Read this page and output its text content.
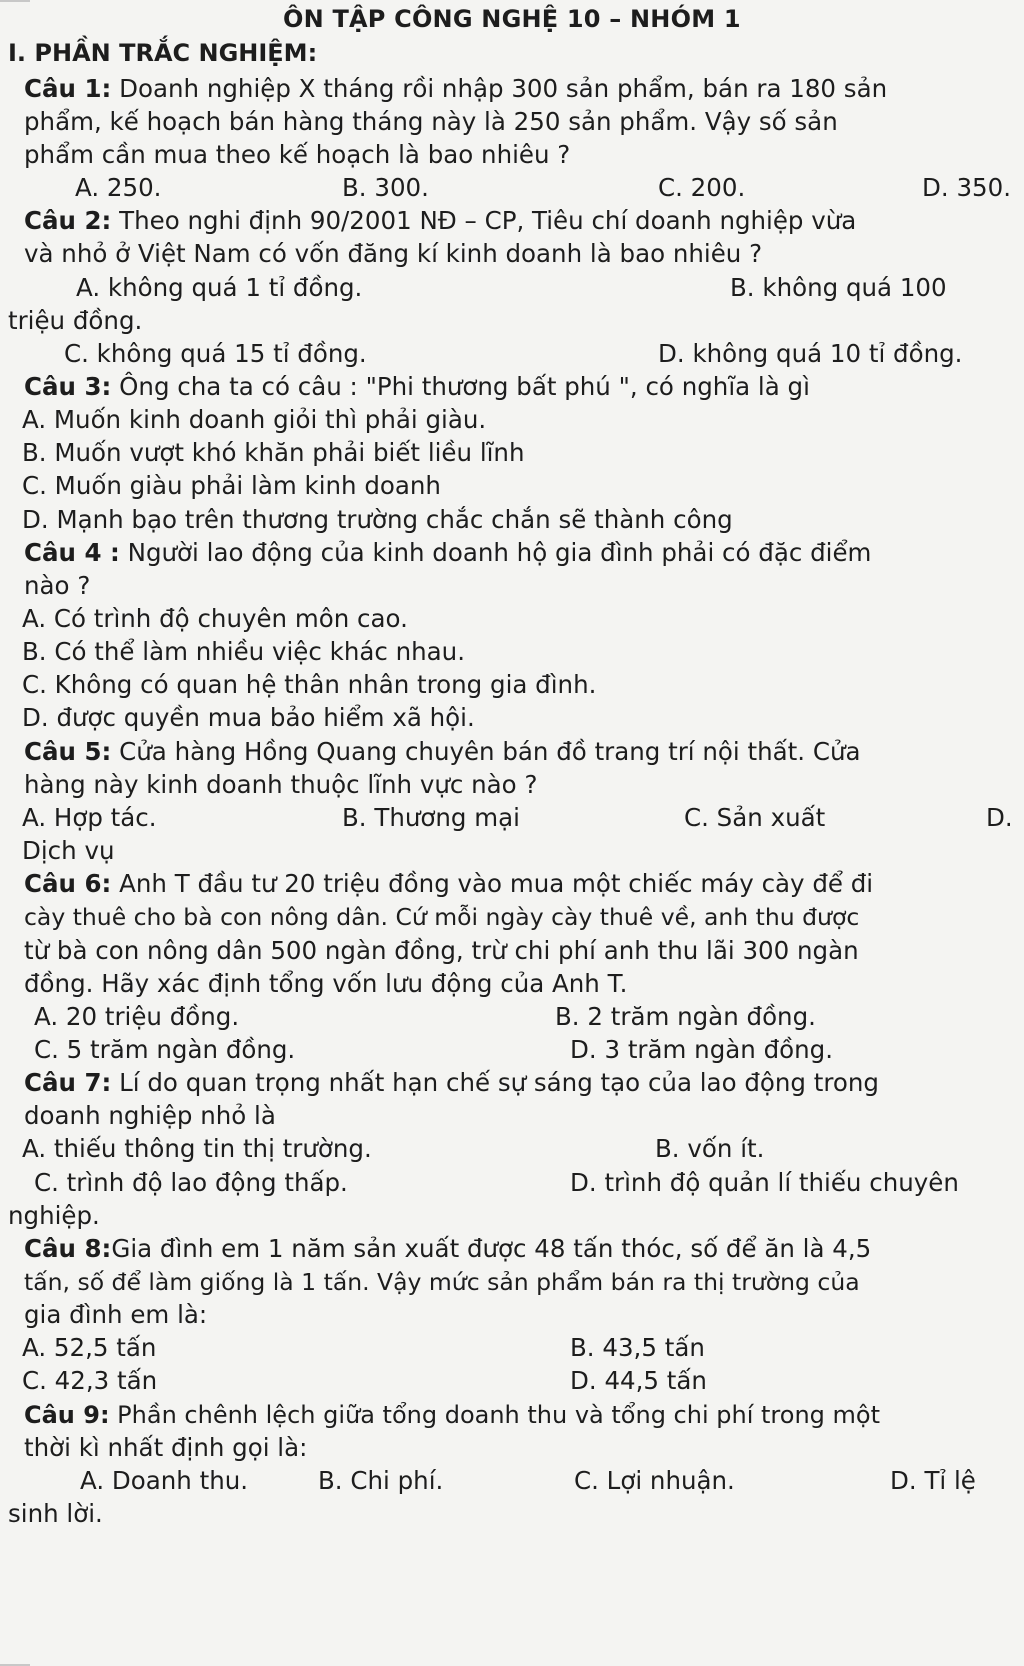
ÔN TẬP CÔNG NGHỆ 10 – NHÓM 1
I. PHẦN TRẮC NGHIỆM:
Câu 1: Doanh nghiệp X tháng rồi nhập 300 sản phẩm, bán ra 180 sản
phẩm, kế hoạch bán hàng tháng này là 250 sản phẩm. Vậy số sản
phẩm cần mua theo kế hoạch là bao nhiêu ?
A. 250.	B. 300.	C. 200.	D. 350.
Câu 2: Theo nghi định 90/2001 NĐ – CP, Tiêu chí doanh nghiệp vừa
và nhỏ ở Việt Nam có vốn đăng kí kinh doanh là bao nhiêu ?
A. không quá 1 tỉ đồng.	B. không quá 100
triệu đồng.
C. không quá 15 tỉ đồng.	D. không quá 10 tỉ đồng.
Câu 3: Ông cha ta có câu : "Phi thương bất phú ", có nghĩa là gì
A. Muốn kinh doanh giỏi thì phải giàu.
B. Muốn vượt khó khăn phải biết liều lĩnh
C. Muốn giàu phải làm kinh doanh
D. Mạnh bạo trên thương trường chắc chắn sẽ thành công
Câu 4 : Người lao động của kinh doanh hộ gia đình phải có đặc điểm
nào ?
A. Có trình độ chuyên môn cao.
B. Có thể làm nhiều việc khác nhau.
C. Không có quan hệ thân nhân trong gia đình.
D. được quyền mua bảo hiểm xã hội.
Câu 5: Cửa hàng Hồng Quang chuyên bán đồ trang trí nội thất. Cửa
hàng này kinh doanh thuộc lĩnh vực nào ?
A. Hợp tác.	B. Thương mại	C. Sản xuất	D.
Dịch vụ
Câu 6: Anh T đầu tư 20 triệu đồng vào mua một chiếc máy cày để đi
cày thuê cho bà con nông dân. Cứ mỗi ngày cày thuê về, anh thu được
từ bà con nông dân 500 ngàn đồng, trừ chi phí anh thu lãi 300 ngàn
đồng. Hãy xác định tổng vốn lưu động của Anh T.
A. 20 triệu đồng.	B. 2 trăm ngàn đồng.
C. 5 trăm ngàn đồng.	D. 3 trăm ngàn đồng.
Câu 7: Lí do quan trọng nhất hạn chế sự sáng tạo của lao động trong
doanh nghiệp nhỏ là
A. thiếu thông tin thị trường.	B. vốn ít.
C. trình độ lao động thấp.	D. trình độ quản lí thiếu chuyên
nghiệp.
Câu 8:Gia đình em 1 năm sản xuất được 48 tấn thóc, số để ăn là 4,5
tấn, số để làm giống là 1 tấn. Vậy mức sản phẩm bán ra thị trường của
gia đình em là:
A. 52,5 tấn	B. 43,5 tấn
C. 42,3 tấn	D. 44,5 tấn
Câu 9: Phần chênh lệch giữa tổng doanh thu và tổng chi phí trong một
thời kì nhất định gọi là:
A. Doanh thu.	B. Chi phí.	C. Lợi nhuận.	D. Tỉ lệ
sinh lời.
